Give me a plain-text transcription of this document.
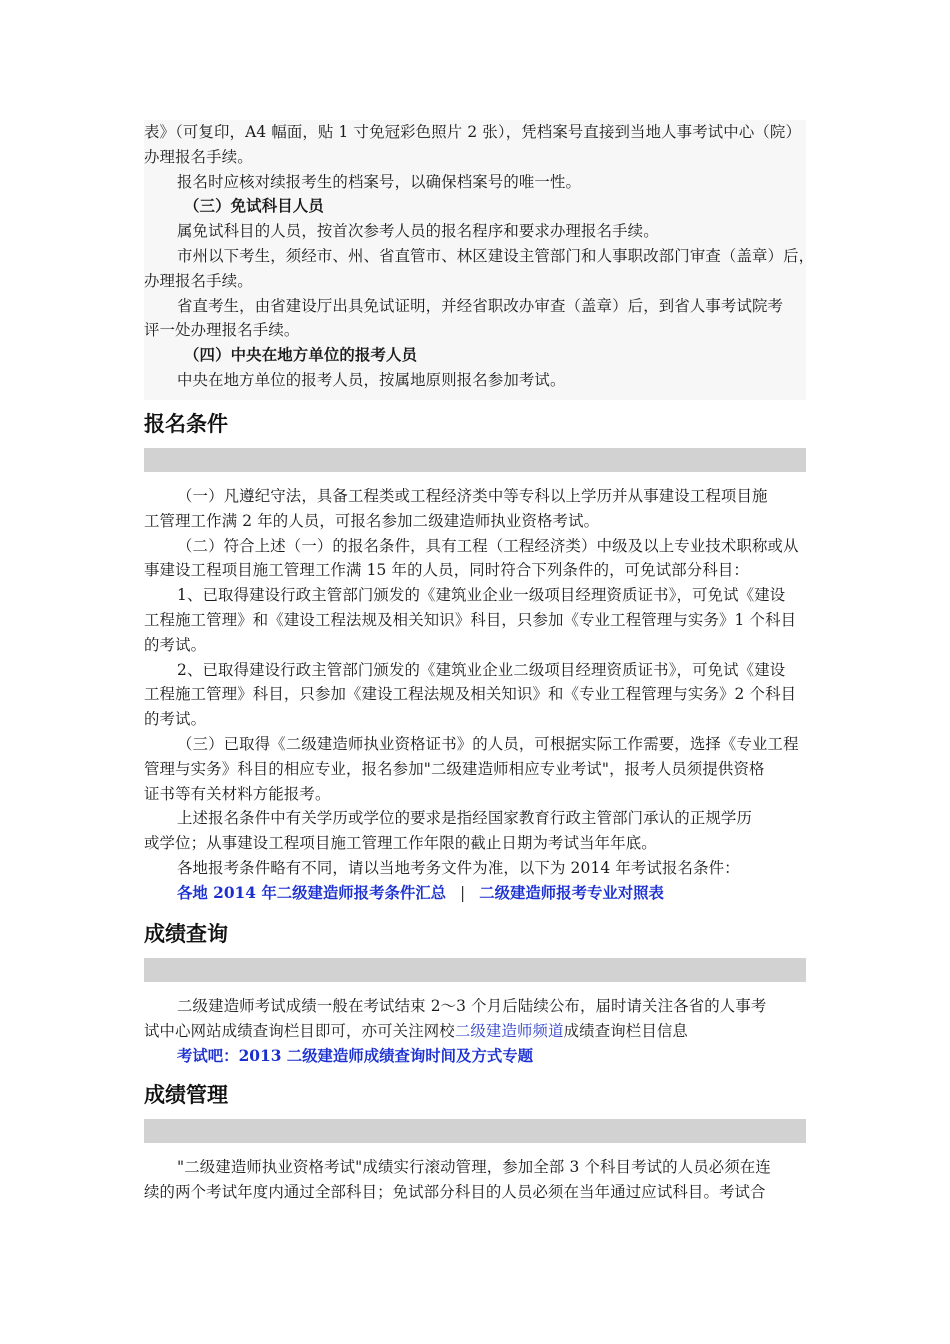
表》（可复印，A4 幅面，贴 1 寸免冠彩色照片 2 张），凭档案号直接到当地人事考试中心（院）

办理报名手续。

报名时应核对续报考生的档案号，以确保档案号的唯一性。

（三）免试科目人员

属免试科目的人员，按首次参考人员的报名程序和要求办理报名手续。

市州以下考生，须经市、州、省直管市、林区建设主管部门和人事职改部门审查（盖章）后，

办理报名手续。

省直考生，由省建设厅出具免试证明，并经省职改办审查（盖章）后，到省人事考试院考

评一处办理报名手续。

（四）中央在地方单位的报考人员

中央在地方单位的报考人员，按属地原则报名参加考试。

报名条件

（一）凡遵纪守法，具备工程类或工程经济类中等专科以上学历并从事建设工程项目施

工管理工作满 2 年的人员，可报名参加二级建造师执业资格考试。

（二）符合上述（一）的报名条件，具有工程（工程经济类）中级及以上专业技术职称或从

事建设工程项目施工管理工作满 15 年的人员，同时符合下列条件的，可免试部分科目：

1、已取得建设行政主管部门颁发的《建筑业企业一级项目经理资质证书》，可免试《建设

工程施工管理》和《建设工程法规及相关知识》科目，只参加《专业工程管理与实务》1 个科目

的考试。

2、已取得建设行政主管部门颁发的《建筑业企业二级项目经理资质证书》，可免试《建设

工程施工管理》科目，只参加《建设工程法规及相关知识》和《专业工程管理与实务》2 个科目

的考试。

（三）已取得《二级建造师执业资格证书》的人员，可根据实际工作需要，选择《专业工程

管理与实务》科目的相应专业，报名参加"二级建造师相应专业考试"，报考人员须提供资格

证书等有关材料方能报考。

上述报名条件中有关学历或学位的要求是指经国家教育行政主管部门承认的正规学历

或学位；从事建设工程项目施工管理工作年限的截止日期为考试当年年底。

各地报考条件略有不同，请以当地考务文件为准，以下为 2014 年考试报名条件：

各地 2014 年二级建造师报考条件汇总 | 二级建造师报考专业对照表
成绩查询

二级建造师考试成绩一般在考试结束 2～3 个月后陆续公布，届时请关注各省的人事考

试中心网站成绩查询栏目即可，亦可关注网校二级建造师频道成绩查询栏目信息

考试吧：2013 二级建造师成绩查询时间及方式专题
成绩管理

"二级建造师执业资格考试"成绩实行滚动管理，参加全部 3 个科目考试的人员必须在连

续的两个考试年度内通过全部科目；免试部分科目的人员必须在当年通过应试科目。考试合
